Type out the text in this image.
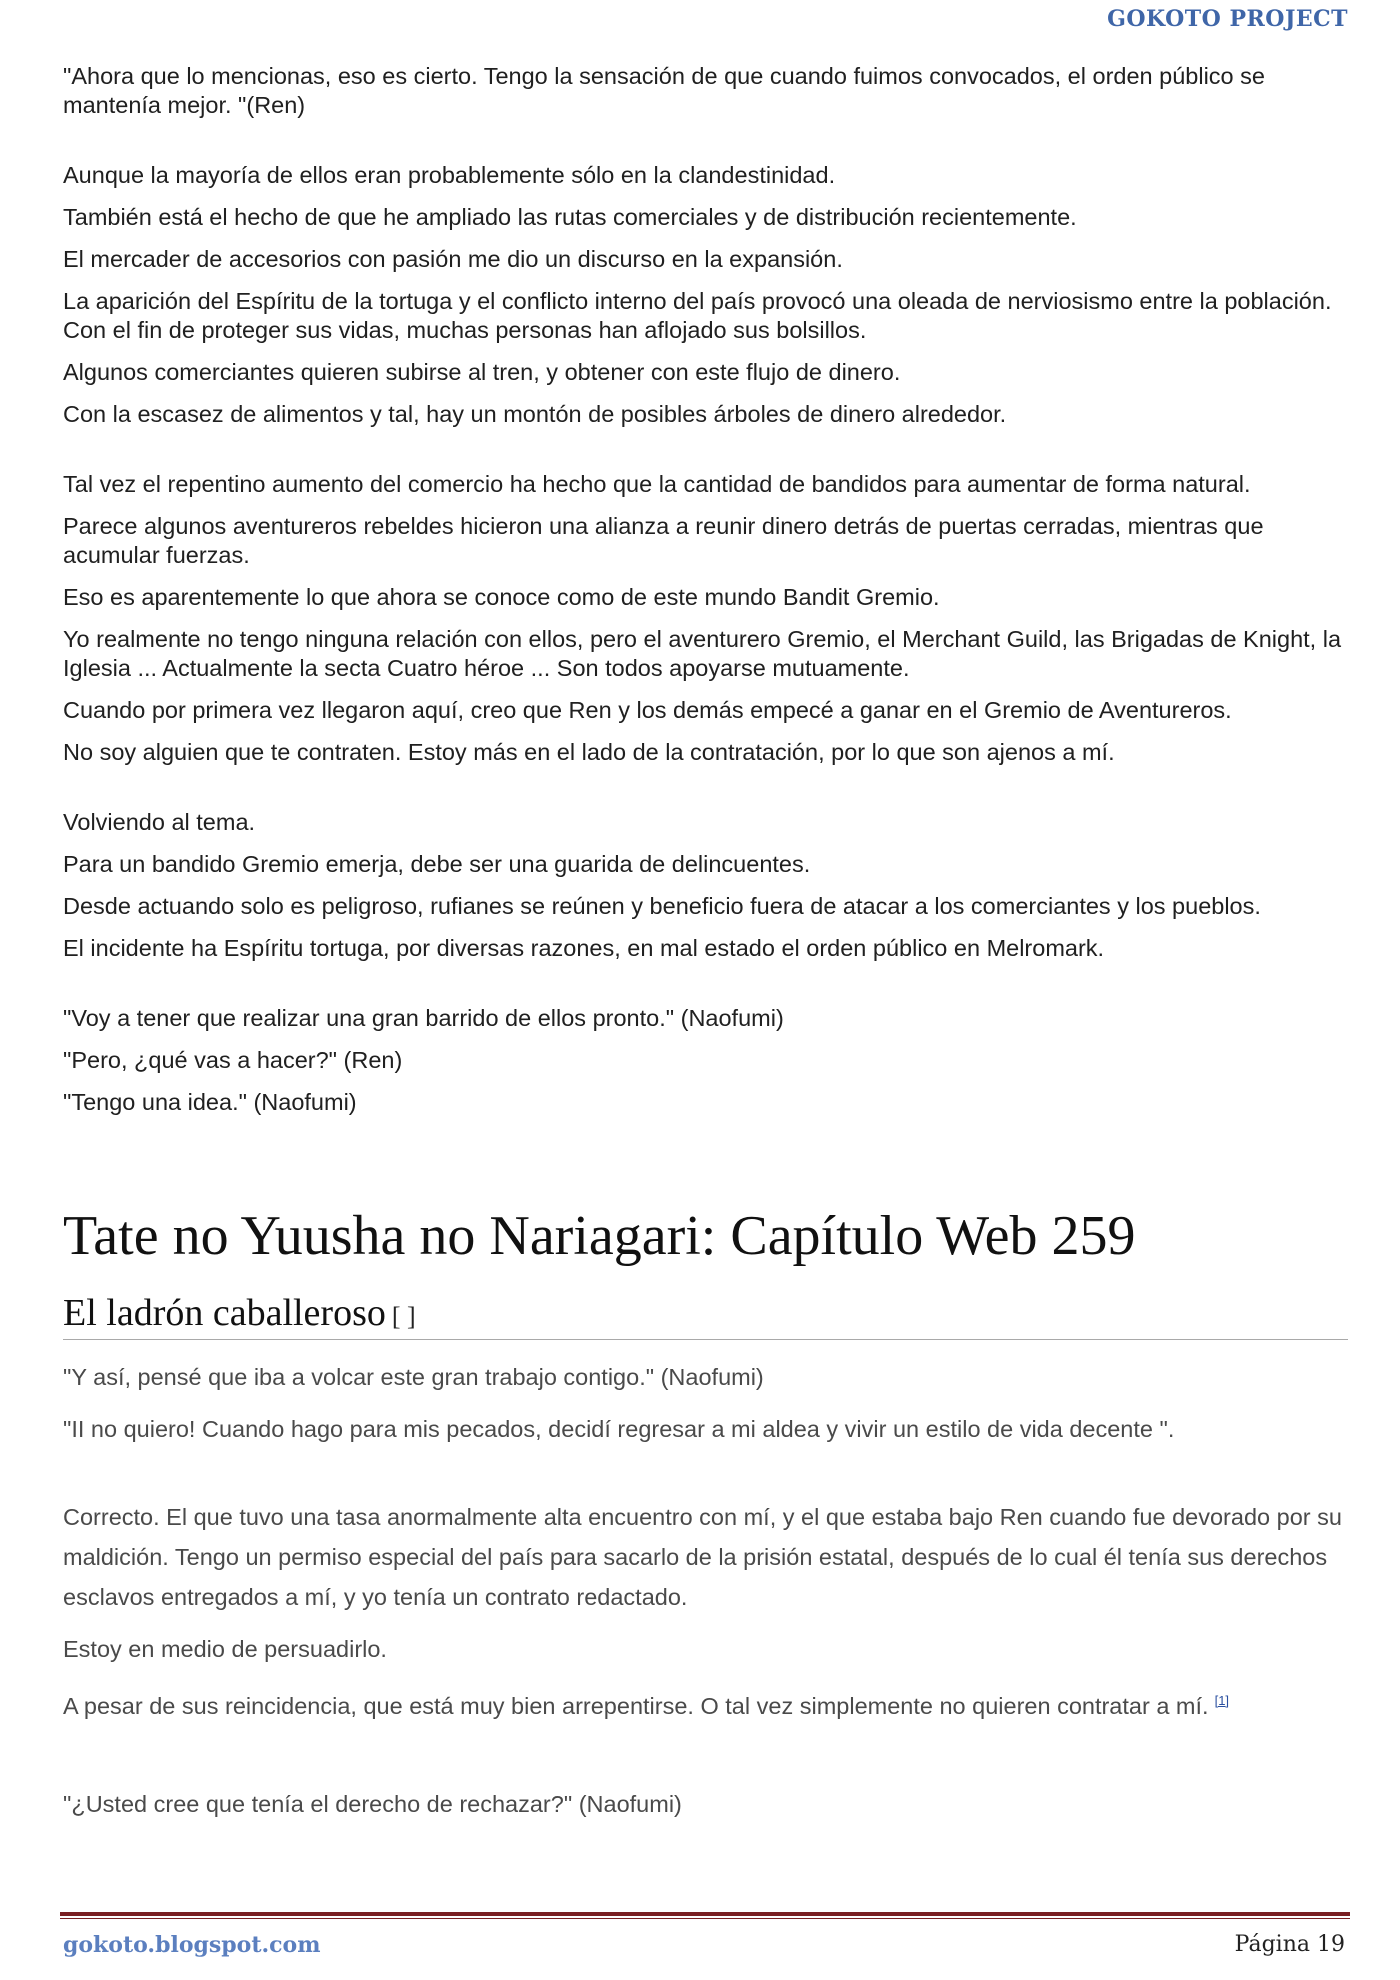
GOKOTO PROJECT

"Ahora que lo mencionas, eso es cierto. Tengo la sensación de que cuando fuimos convocados, el orden público se mantenía mejor. "(Ren)

Aunque la mayoría de ellos eran probablemente sólo en la clandestinidad.

También está el hecho de que he ampliado las rutas comerciales y de distribución recientemente.

El mercader de accesorios con pasión me dio un discurso en la expansión.

La aparición del Espíritu de la tortuga y el conflicto interno del país provocó una oleada de nerviosismo entre la población. Con el fin de proteger sus vidas, muchas personas han aflojado sus bolsillos.

Algunos comerciantes quieren subirse al tren, y obtener con este flujo de dinero.

Con la escasez de alimentos y tal, hay un montón de posibles árboles de dinero alrededor.

Tal vez el repentino aumento del comercio ha hecho que la cantidad de bandidos para aumentar de forma natural.

Parece algunos aventureros rebeldes hicieron una alianza a reunir dinero detrás de puertas cerradas, mientras que acumular fuerzas.

Eso es aparentemente lo que ahora se conoce como de este mundo Bandit Gremio.

Yo realmente no tengo ninguna relación con ellos, pero el aventurero Gremio, el Merchant Guild, las Brigadas de Knight, la Iglesia ... Actualmente la secta Cuatro héroe ... Son todos apoyarse mutuamente.

Cuando por primera vez llegaron aquí, creo que Ren y los demás empecé a ganar en el Gremio de Aventureros.

No soy alguien que te contraten. Estoy más en el lado de la contratación, por lo que son ajenos a mí.

Volviendo al tema.

Para un bandido Gremio emerja, debe ser una guarida de delincuentes.

Desde actuando solo es peligroso, rufianes se reúnen y beneficio fuera de atacar a los comerciantes y los pueblos.

El incidente ha Espíritu tortuga, por diversas razones, en mal estado el orden público en Melromark.

"Voy a tener que realizar una gran barrido de ellos pronto." (Naofumi)

"Pero, ¿qué vas a hacer?" (Ren)

"Tengo una idea." (Naofumi)

Tate no Yuusha no Nariagari: Capítulo Web 259
El ladrón caballeroso [ ]

"Y así, pensé que iba a volcar este gran trabajo contigo." (Naofumi)

"II no quiero! Cuando hago para mis pecados, decidí regresar a mi aldea y vivir un estilo de vida decente ".

Correcto. El que tuvo una tasa anormalmente alta encuentro con mí, y el que estaba bajo Ren cuando fue devorado por su maldición. Tengo un permiso especial del país para sacarlo de la prisión estatal, después de lo cual él tenía sus derechos esclavos entregados a mí, y yo tenía un contrato redactado.

Estoy en medio de persuadirlo.

A pesar de sus reincidencia, que está muy bien arrepentirse. O tal vez simplemente no quieren contratar a mí. [1]

"¿Usted cree que tenía el derecho de rechazar?" (Naofumi)

gokoto.blogspot.com	Página 19
